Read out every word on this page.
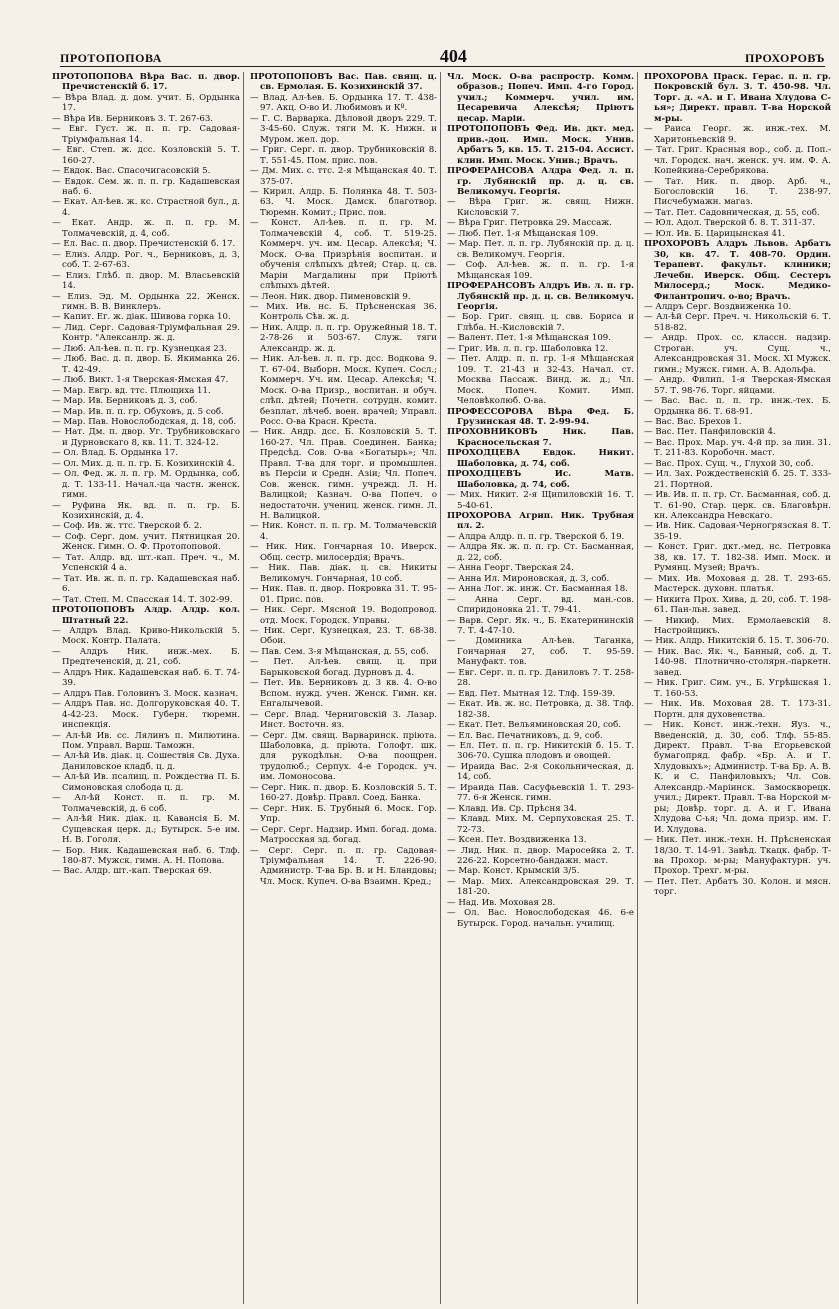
ПРОТОПОПОВА	404	ПРОХОРОВЪ

ПРОТОПОПОВА Вѣра Вас. п. двор. Пречистенскій б. 17.

— Вѣра Влад. д. дом. учит. Б. Ордынка 17.

— Вѣра Ив. Берниковъ 3. Т. 267-63.

— Евг. Густ. ж. п. п. гр. Садовая-Тріумфальная 14.

— Евг. Степ. ж. дсс. Козловскій 5. Т. 160-27.

— Евдок. Вас. Спасочигасовскій 5.

— Евдок. Сем. ж. п. п. гр. Кадашевская наб. 6.

— Екат. Ал-ѣев. ж. кс. Страстной бул., д. 4.

— Екат. Андр. ж. п. п. гр. М. Толмачевскій, д. 4, соб.

— Ел. Вас. п. двор. Пречистенскій б. 17.

— Елиз. Алдр. Рог. ч., Берниковъ, д. 3, соб. Т. 2-67-63.

— Елиз. Глѣб. п. двор. М. Власьевскій 14.

— Елиз. Эд. М. Ордынка 22. Женск. гимн. В. В. Винклеръ.

— Капит. Ег. ж. діак. Шивова горка 10.

— Лид. Серг. Садовая-Тріумфальная 29. Контр. "Алексанлр. ж. д.

— Люб. Ал-ѣев. п. п. гр. Кузнецкая 23.

— Люб. Вас. д. п. двор. Б. Якиманка 26. Т. 42-49.

— Люб. Викт. 1-я Тверская-Ямская 47.

— Мар. Евгр. вд. ттс. Плющиха 11.

— Мар. Ив. Берниковъ д. 3, соб.

— Мар. Ив. п. п. гр. Обуховъ, д. 5 соб.

— Мар. Пав. Новослободская, д. 18, соб.

— Нат. Дм. п. двор. Уг. Трубниковскаго и Дурновскаго 8, кв. 11. Т. 324-12.

— Ол. Влад. Б. Ордынка 17.

— Ол. Мих. д. п. п. гр. Б. Козихинскій 4.

— Ол. Фед. ж. л. п. гр. М. Ордынка, соб. д. Т. 133-11. Начал.-ца частн. женск. гимн.

— Руфина Як. вд. п. п. гр. Б. Козихинскій, д. 4.

— Соф. Ив. ж. ттс. Тверской б. 2.

— Соф. Серг. дом. учит. Пятницкая 20. Женск. Гимн. О. Ф. Протопоповой.

— Тат. Алдр. вд. шт.-кап. Преч. ч., М. Успенскій 4 а.

— Тат. Ив. ж. п. п. гр. Кадашевская наб. 6.

— Тат. Степ. М. Спасская 14. Т. 302-99.

ПРОТОПОПОВЪ Алдр. Алдр. кол. Штатный 22.

— Алдръ Влад. Криво-Никольскій 5. Моск. Контр. Палата.

— Алдръ Ник. инж.-мех. Б. Предтеченскій, д. 21, соб.

— Алдръ Ник. Кадашевская наб. 6. Т. 74-39.

— Алдръ Пав. Головинъ 3. Моск. казнач.

— Алдръ Пав. нс. Долгоруковская 40. Т. 4-42-23. Моск. Губерн. тюремн. инспекція.

— Ал-ѣй Ив. сс. Лялинъ п. Милютина. Пом. Управл. Варш. Таможн.

— Ал-ѣй Ив. діак. ц. Сошествія Св. Духа. Даниловское кладб. ц. д.

— Ал-ѣй Ив. псалищ. п. Рождества П. Б. Симоновская слобода ц. д.

— Ал-ѣй Конст. п. п. гр. М. Толмачевскій, д. 6 соб.

— Ал-ѣй Ник. діак. ц. Кавансія Б. М. Сущевская церк. д.; Бутырск. 5-е им. Н. В. Гоголя.

— Бор. Ник. Кадашевская наб. 6. Тлф. 180-87. Мужск. гимн. А. Н. Попова.

— Вас. Алдр. шт.-кап. Тверская 69.

ПРОТОПОПОВЪ Вас. Пав. свящ. ц. св. Ермолая. Б. Козихинскій 37.

— Влад. Ал-ѣев. Б. Ордынка 17. Т. 438-97. Акц. О-во И. Любимовъ и Кº.

— Г. С. Варварка. Дѣловой дворъ 229. Т. 3-45-60. Служ. тяги М. К. Нижн. и Муром. жел. дор.

— Григ. Серг. п. двор. Трубниковскій 8. Т. 551-45. Пом. прис. пов.

— Дм. Мих. с. ттс. 2-я Мѣщанская 40. Т. 375-07.

— Кирил. Алдр. Б. Полянка 48. Т. 503-63. Ч. Моск. Дамск. благотвор. Тюремн. Комит.; Прис. пов.

— Конст. Ал-ѣев. п. п. гр. М. Толмачевскій 4, соб. Т. 519-25. Коммерч. уч. им. Цесар. Алексѣя; Ч. Моск. О-ва Призрѣнія воспитан. и обученія слѣпыхъ дѣтей; Стар. ц. св. Маріи Магдалины при Пріютѣ слѣпыхъ дѣтей.

— Леон. Ник. двор. Пименовскій 9.

— Мих. Ив. нс. Б. Прѣсненская 36. Контроль Сѣв. ж. д.

— Ник. Алдр. л. п. гр. Оружейный 18. Т. 2-78-26 и 503-67. Служ. тяги Александр. ж. д.

— Ник. Ал-ѣев. л. п. гр. дсс. Водкова 9. Т. 67-04. Выборн. Моск. Купеч. Сосл.; Коммерч. Уч. им. Цесар. Алексѣя; Ч. Моск. О-ва Призр., воспитан. и обуч. слѣп. дѣтей; Почетн. сотрудн. комит. безплат. лѣчеб. воен. врачей; Управл. Росс. О-ва Красн. Креста.

— Ник. Андр. дсс. Б. Козловскій 5. Т. 160-27. Чл. Прав. Соединен. Банка; Предсѣд. Сов. О-ва «Богатырь»; Чл. Правл. Т-ва для торг. и промышлен. въ Персіи и Средн. Азіи; Чл. Попеч. Сов. женск. гимн. учрежд. Л. Н. Валицкой; Казнач. О-ва Попеч. о недостаточн. учениц. женск. гимн. Л. Н. Валицкой.

— Ник. Конст. п. п. гр. М. Толмачевскій 4.

— Ник. Ник. Гончарная 10. Иверск. Общ. сестр. милосердія; Врачъ.

— Ник. Пав. діак. ц. св. Никиты Великомуч. Гончарная, 10 соб.

— Ник. Пав. п. двор. Покровка 31. Т. 95-01. Прис. пов.

— Ник. Серг. Мясной 19. Водопровод. отд. Моск. Городск. Управы.

— Ник. Серг. Кузнецкая, 23. Т. 68-38. Обои.

— Пав. Сем. 3-я Мѣщанская, д. 55, соб.

— Пет. Ал-ѣев. свящ. ц. при Барыковской богад. Дурновъ д. 4.

— Пет. Ив. Берниковъ д. 3 кв. 4. О-во Вспом. нужд. учен. Женск. Гимн. кн. Енгалычевой.

— Серг. Влад. Черниговскій 3. Лазар. Инст. Восточн. яз.

— Серг. Дм. свящ. Варваринск. пріюта. Шаболовка, д. пріюта. Голофт. шк. для рукодѣльн. О-ва поощрен. трудолюб.; Серпух. 4-е Городск. уч. им. Ломоносова.

— Серг. Ник. п. двор. Б. Козловскій 5. Т. 160-27. Довѣр. Правл. Соед. Банка.

— Серг. Ник. Б. Трубный 6. Моск. Гор. Упр.

— Серг. Серг. Надзир. Имп. богад. дома. Матросская зд. богад.

— Серг. Серг. п. п. гр. Садовая-Тріумфальная 14. Т. 226-90. Администр. Т-ва Бр. В. и Н. Бландовы; Чл. Моск. Купеч. О-ва Взаимн. Кред.;

Чл. Моск. О-ва распростр. Комм. образов.; Попеч. Имп. 4-го Город. учил.; Коммерч. учил. им. Цесаревича Алексѣя; Пріютъ цесар. Маріи.

ПРОТОПОПОВЪ Фед. Ив. дкт. мед. прив.-доц. Имп. Моск. Унив. Арбатъ 5, кв. 15. Т. 215-04. Ассист. клин. Имп. Моск. Унив.; Врачъ.

ПРОФЕРАНСОВА Алдра Фед. л. п. гр. Лубянскій пр. д. ц. св. Великомуч. Георгія.

— Вѣра Григ. ж. свящ. Нижн. Кисловскій 7.

— Вѣра Григ. Петровка 29. Массаж.

— Люб. Пет. 1-я Мѣщанская 109.

— Мар. Пет. л. п. гр. Лубянскій пр. д. ц. св. Великомуч. Георгія.

— Соф. Ал-ѣев. ж. п. п. гр. 1-я Мѣщанская 109.

ПРОФЕРАНСОВЪ Алдръ Ив. л. п. гр. Лубянскій пр. д. ц. св. Великомуч. Георгія.

— Бор. Григ. свящ. ц. свв. Бориса и Глѣба. Н.-Кисловскій 7.

— Валент. Пет. 1-я Мѣщанская 109.

— Григ. Ив. л. п. гр. Шаболовка 12.

— Пет. Алдр. п. п. гр. 1-я Мѣщанская 109. Т. 21-43 и 32-43. Начал. ст. Москва Пассаж. Винд. ж. д.; Чл. Моск. Попеч. Комит. Имп. Человѣколюб. О-ва.

ПРОФЕССОРОВА Вѣра Фед. Б. Грузинская 48. Т. 2-99-94.

ПРОХОВНИКОВЪ Ник. Пав. Красносельская 7.

ПРОХОДЦЕВА Евдок. Никит. Шаболовка, д. 74, соб.

ПРОХОДЦЕВЪ Иc. Матв. Шаболовка, д. 74, соб.

— Мих. Никит. 2-я Щипиловскій 16. Т. 5-40-61.

ПРОХОРОВА Агрип. Ник. Трубная пл. 2.

— Алдра Алдр. п. п. гр. Тверской б. 19.

— Алдра Як. ж. п. п. гр. Ст. Басманная, д. 22, соб.

— Анна Георг. Тверская 24.

— Анна Ил. Мироновская, д. 3, соб.

— Анна Лог. ж. инж. Ст. Басманная 18.

— Анна Серг. вд. ман.-сов. Спиридоновка 21. Т. 79-41.

— Варв. Серг. Як. ч., Б. Екатерининскій 7. Т. 4-47-10.

— Доминика Ал-ѣев. Таганка, Гончарная 27, соб. Т. 95-59. Мануфакт. тов.

— Евг. Серг. п. п. гр. Даниловъ 7. Т. 258-28.

— Евд. Пет. Мытная 12. Тлф. 159-39.

— Екат. Ив. ж. нс. Петровка, д. 38. Тлф. 182-38.

— Екат. Пет. Вельяминовская 20, соб.

— Ел. Вас. Печатниковъ, д. 9, соб.

— Ел. Пет. п. п. гр. Никитскій б. 15. Т. 306-70. Сушка плодовъ и овощей.

— Ираида Вас. 2-я Сокольническая, д. 14, соб.

— Ираида Пав. Сасуфьевскій 1. Т. 293-77. 6-я Женск. гимн.

— Клавд. Ив. Ср. Прѣсня 34.

— Клавд. Мих. М. Серпуховская 25. Т. 72-73.

— Ксен. Пет. Воздвиженка 13.

— Лид. Ник. п. двор. Маросейка 2. Т. 226-22. Корсетно-бандажн. маст.

— Мар. Конст. Крымскій 3/5.

— Мар. Мих. Александровская 29. Т. 181-20.

— Над. Ив. Моховая 28.

— Ол. Вас. Новослободская 46. 6-е Бутырск. Город. начальн. училищ.

ПРОХОРОВА Праск. Герас. п. п. гр. Покровскій бул. 3. Т. 450-98. Чл. Торг. д. «А. и Г. Ивана Хлудова С-ья»; Директ. правл. Т-ва Норской м-ры.

— Раиса Георг. ж. инж.-тех. М. Харитоньевскій 9.

— Тат. Григ. Красныя вор., соб. д. Поп.-чл. Городск. нач. женск. уч. им. Ф. А. Копейкина-Серебрякова.

— Тат. Ник. п. двор. Арб. ч., Богословскій 16. Т. 238-97. Писчебумажн. магаз.

— Тат. Пет. Садовническая, д. 55, соб.

— Юл. Адол. Тверской б. 8. Т. 311-37.

— Юл. Ив. Б. Царицынская 41.

ПРОХОРОВЪ Алдръ Львов. Арбатъ 30, кв. 47. Т. 408-70. Ордин. Терапевт. факульт. клиники; Лечебн. Иверск. Общ. Сестеръ Милосерд.; Моск. Медико-Филантропич. о-во; Врачъ.

— Алдръ Серг. Воздвиженка 10.

— Ал-ѣй Серг. Преч. ч. Никольскій 6. Т. 518-82.

— Андр. Прох. сс. классн. надзир. Строган. уч. Сущ. ч., Александровская 31. Моск. XI Мужск. гимн.; Мужск. гимн. А. В. Адольфа.

— Андр. Филип. 1-я Тверская-Ямская 57. Т. 98-76. Торг. яйцами.

— Вас. Вас. п. п. гр. инж.-тех. Б. Ордынка 86. Т. 68-91.

— Вас. Вас. Брехов 1.

— Вас. Пет. Панфиловскій 4.

— Вас. Прох. Мар. уч. 4-й пр. за лин. 31. Т. 211-83. Коробочн. маст.

— Вас. Прох. Сущ. ч., Глухой 30, соб.

— Ил. Зах. Рождественскій б. 25. Т. 333-21. Портной.

— Ив. Ив. п. п. гр. Ст. Басманная, соб. д. Т. 61-90. Стар. церк. св. Благовѣрн. кн. Александра Невскаго.

— Ив. Ник. Садовая-Черногрязская 8. Т. 35-19.

— Конст. Григ. дкт.-мед. нс. Петровка 38, кв. 17. Т. 182-38. Имп. Моск. и Румянц. Музей; Врачъ.

— Мих. Ив. Моховая д. 28. Т. 293-65. Мастерск. духовн. платья.

— Никита Прох. Хива, д. 20, соб. Т. 198-61. Пан-льн. завед.

— Никиф. Мих. Ермолаевскій 8. Настройщикъ.

— Ник. Алдр. Никитскій б. 15. Т. 306-70.

— Ник. Вас. Як. ч., Банный, соб. д. Т. 140-98. Плотнично-столярн.-паркетн. завед.

— Ник. Григ. Сим. уч., Б. Угрѣшская 1. Т. 160-53.

— Ник. Ив. Моховая 28. Т. 173-31. Портн. для духовенства.

— Ник. Конст. инж.-техн. Яуз. ч., Введенскій, д. 30, соб. Тлф. 55-85. Директ. Правл. Т-ва Егорьевской бумагопряд. фабр. «Бр. А. и Г. Хлудовыхъ»; Администр. Т-ва Бр. А. В. К. и С. Панфиловыхъ; Чл. Сов. Александр.-Маріинск. Замоскворецк. учил.; Директ. Правл. Т-ва Норской м-ры; Довѣр. торг. д. А. и Г. Ивана Хлудова С-ья; Чл. дома призр. им. Г. И. Хлудова.

— Ник. Пет. инж.-техн. Н. Прѣсненская 18/30. Т. 14-91. Завѣд. Ткацк. фабр. Т-ва Прохор. м-ры; Мануфактурн. уч. Прохор. Трехг. м-ры.

— Пет. Пет. Арбатъ 30. Колон. и мясн. торг.
